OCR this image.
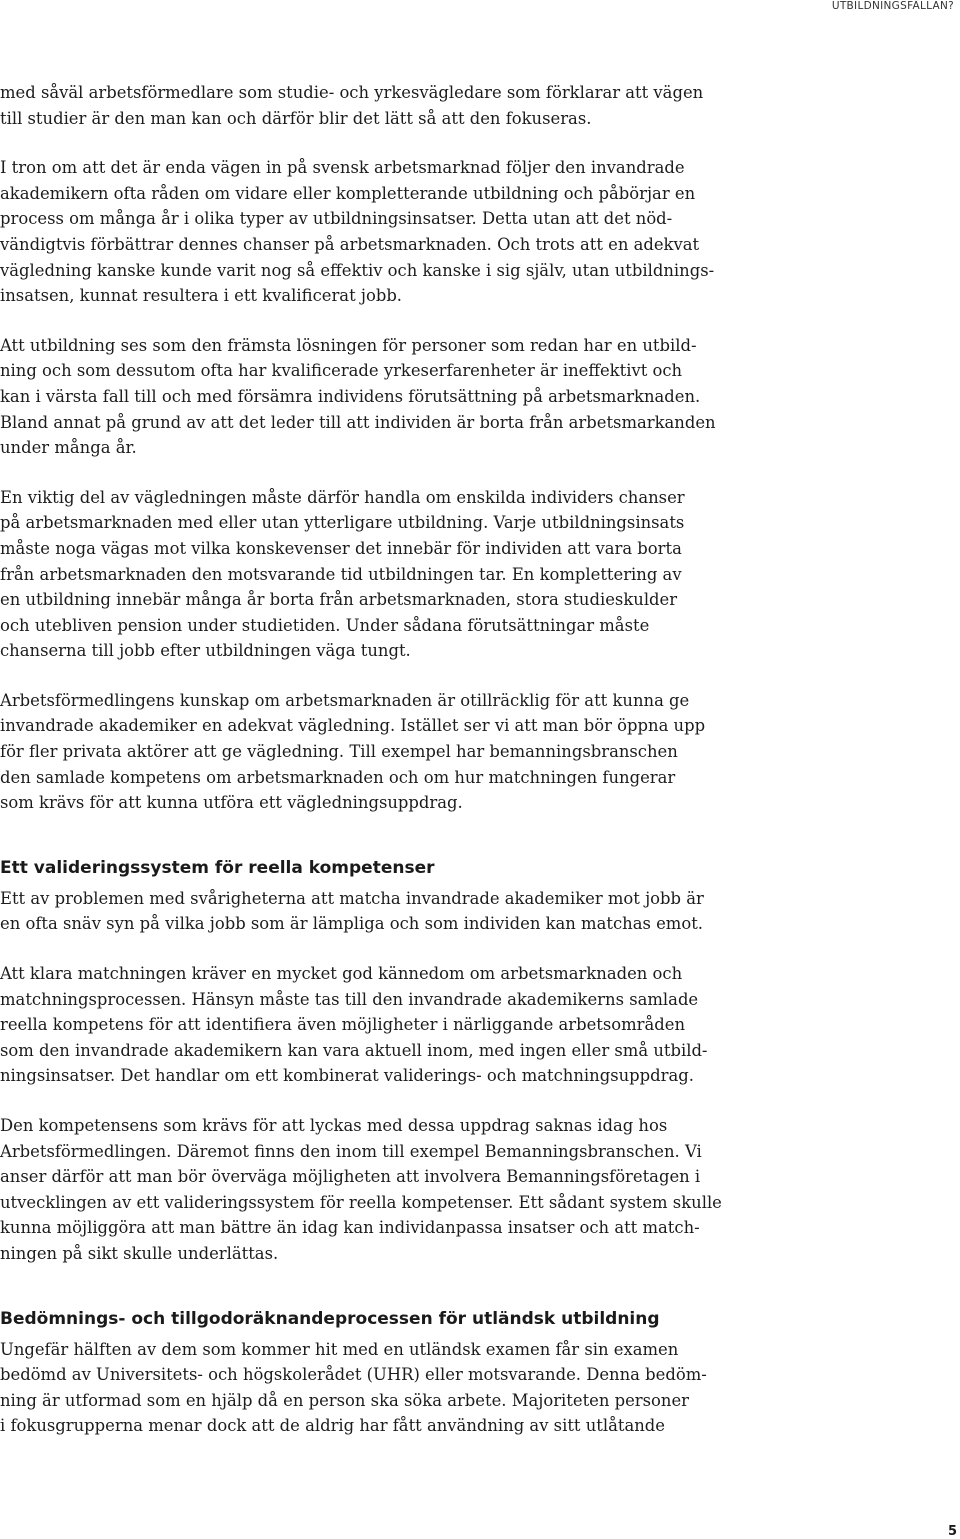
UTBILDNINGSFÄLLAN?

med såväl arbetsförmedlare som studie- och yrkesvägledare som förklarar att vägen
till studier är den man kan och därför blir det lätt så att den fokuseras.

I tron om att det är enda vägen in på svensk arbetsmarknad följer den invandrade
akademikern ofta råden om vidare eller kompletterande utbildning och påbörjar en
process om många år i olika typer av utbildningsinsatser. Detta utan att det nöd-
vändigtvis förbättrar dennes chanser på arbetsmarknaden. Och trots att en adekvat
vägledning kanske kunde varit nog så effektiv och kanske i sig själv, utan utbildnings-
insatsen, kunnat resultera i ett kvalificerat jobb.

Att utbildning ses som den främsta lösningen för personer som redan har en utbild-
ning och som dessutom ofta har kvalificerade yrkeserfarenheter är ineffektivt och
kan i värsta fall till och med försämra individens förutsättning på arbetsmarknaden.
Bland annat på grund av att det leder till att individen är borta från arbetsmarkanden
under många år.

En viktig del av vägledningen måste därför handla om enskilda individers chanser
på arbetsmarknaden med eller utan ytterligare utbildning. Varje utbildningsinsats
måste noga vägas mot vilka konskevenser det innebär för individen att vara borta
från arbetsmarknaden den motsvarande tid utbildningen tar. En komplettering av
en utbildning innebär många år borta från arbetsmarknaden, stora studieskulder
och utebliven pension under studietiden. Under sådana förutsättningar måste
chanserna till jobb efter utbildningen väga tungt.

Arbetsförmedlingens kunskap om arbetsmarknaden är otillräcklig för att kunna ge
invandrade akademiker en adekvat vägledning. Istället ser vi att man bör öppna upp
för fler privata aktörer att ge vägledning. Till exempel har bemanningsbranschen
den samlade kompetens om arbetsmarknaden och om hur matchningen fungerar
som krävs för att kunna utföra ett vägledningsuppdrag.

Ett valideringssystem för reella kompetenser

Ett av problemen med svårigheterna att matcha invandrade akademiker mot jobb är
en ofta snäv syn på vilka jobb som är lämpliga och som individen kan matchas emot.

Att klara matchningen kräver en mycket god kännedom om arbetsmarknaden och
matchningsprocessen. Hänsyn måste tas till den invandrade akademikerns samlade
reella kompetens för att identifiera även möjligheter i närliggande arbetsområden
som den invandrade akademikern kan vara aktuell inom, med ingen eller små utbild-
ningsinsatser. Det handlar om ett kombinerat validerings- och matchningsuppdrag.

Den kompetensens som krävs för att lyckas med dessa uppdrag saknas idag hos
Arbetsförmedlingen. Däremot finns den inom till exempel Bemanningsbranschen. Vi
anser därför att man bör överväga möjligheten att involvera Bemanningsföretagen i
utvecklingen av ett valideringssystem för reella kompetenser. Ett sådant system skulle
kunna möjliggöra att man bättre än idag kan individanpassa insatser och att match-
ningen på sikt skulle underlättas.

Bedömnings- och tillgodoräknandeprocessen för utländsk utbildning

Ungefär hälften av dem som kommer hit med en utländsk examen får sin examen
bedömd av Universitets- och högskolerådet (UHR) eller motsvarande. Denna bedöm-
ning är utformad som en hjälp då en person ska söka arbete. Majoriteten personer
i fokusgrupperna menar dock att de aldrig har fått användning av sitt utlåtande

5
